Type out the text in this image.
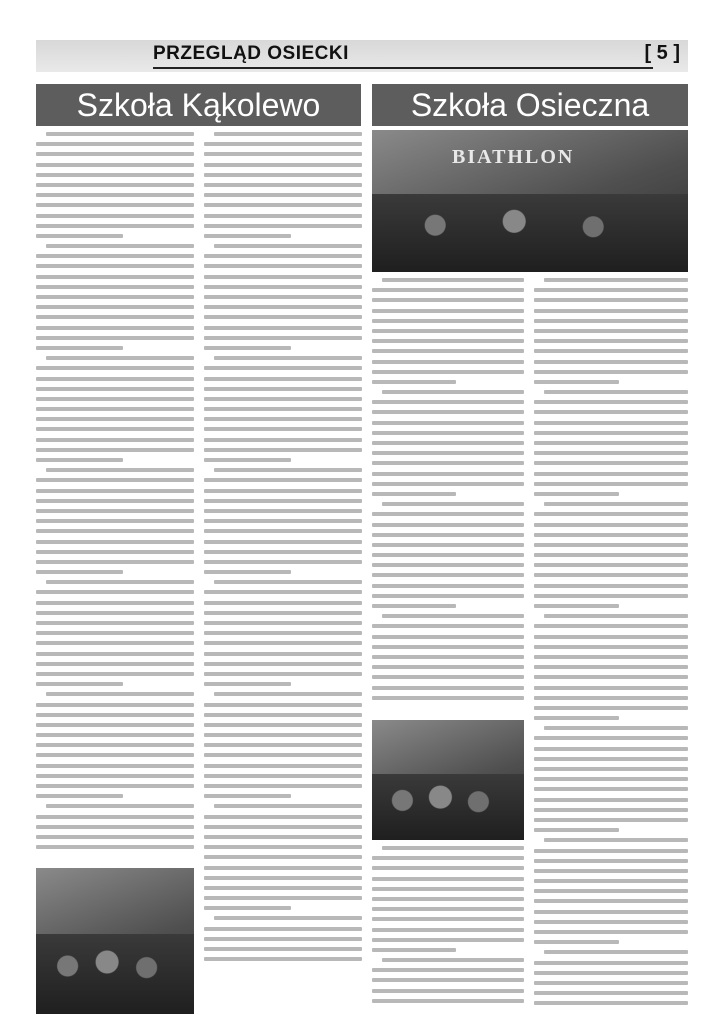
PRZEGLĄD OSIECKI	[ 5 ]
Szkoła Kąkolewo	Szkoła Osieczna
BIATHLON
